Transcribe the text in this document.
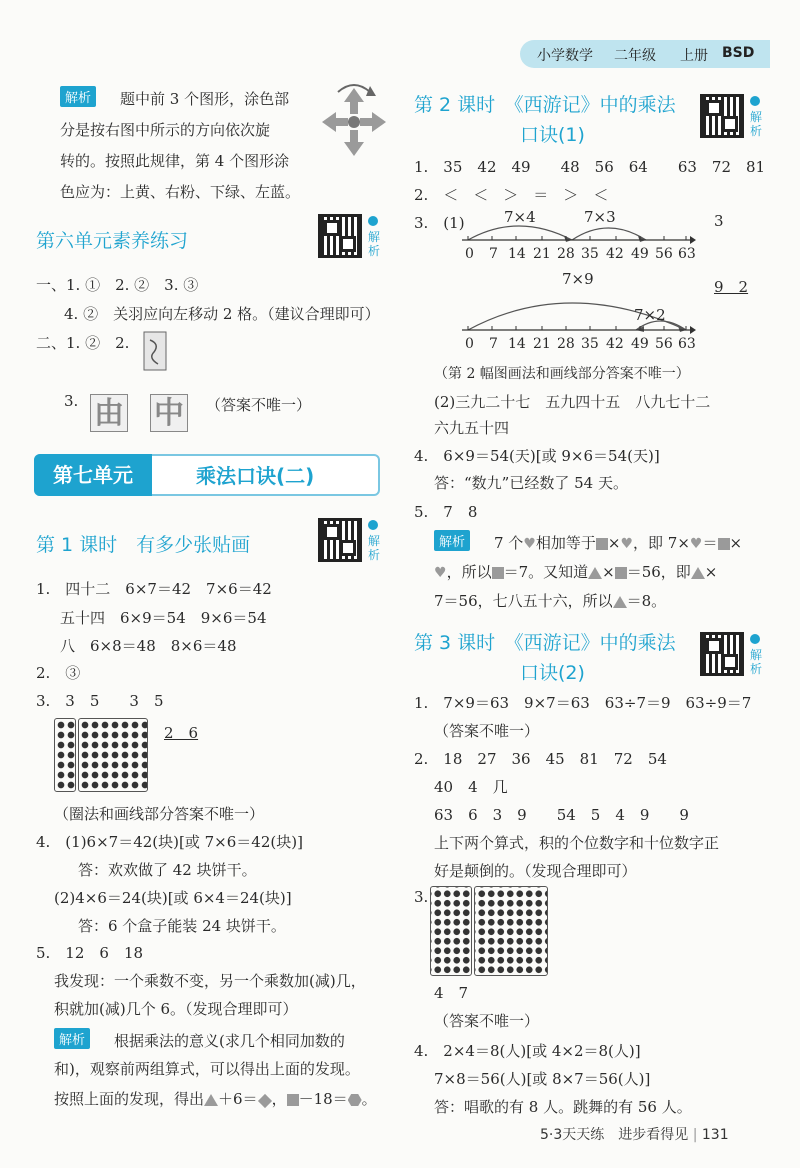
小学数学 二年级 上册 BSD
解析	题中前 3 个图形，涂色部
分是按右图中所示的方向依次旋
转的。按照此规律，第 4 个图形涂
色应为：上黄、右粉、下绿、左蓝。
第六单元素养练习	解析
一、1. ①　2. ②　3. ③
4. ②　关羽应向左移动 2 格。（建议合理即可）
二、1. ②　2.
3. 由 中 （答案不唯一）
第七单元	乘法口诀(二)
第 1 课时　有多少张贴画	解析
1.　四十二　6×7＝42　7×6＝42
五十四　6×9＝54　9×6＝54
八　6×8＝48　8×6＝48
2.　③
3.　3　5　　3　5
2　6
（圈法和画线部分答案不唯一）
4.　(1)6×7＝42(块)[或 7×6＝42(块)]
答：欢欢做了 42 块饼干。
(2)4×6＝24(块)[或 6×4＝24(块)]
答：6 个盒子能装 24 块饼干。
5.　12　6　18
我发现：一个乘数不变，另一个乘数加(减)几，
积就加(减)几个 6。（发现合理即可）
解析	根据乘法的意义(求几个相同加数的
和)，观察前两组算式，可以得出上面的发现。
按照上面的发现，得出 ＋6＝ ， －18＝ 。
第 2 课时　《西游记》中的乘法
口诀(1)
解析
1.　35　42　49　　48　56　64　　63　72　81
2.　＜　＜　＞　＝　＞　＜
3.　(1)	7×4	7×3	3
0 7 14 21 28 35 42 49 56 63
7×9
7×2
9　2
0 7 14 21 28 35 42 49 56 63
（第 2 幅图画法和画线部分答案不唯一）
(2)三九二十七　五九四十五　八九七十二
六九五十四
4.　6×9＝54(天)[或 9×6＝54(天)]
答：“数九”已经数了 54 天。
5.　7　8
解析	7 个♥相加等于 ×♥，即 7×♥＝ ×
♥，所以 ＝7。又知道 × ＝56，即 ×
7＝56，七八五十六，所以 ＝8。
第 3 课时　《西游记》中的乘法
口诀(2)
解析
1.　7×9＝63　9×7＝63　63÷7＝9　63÷9＝7
（答案不唯一）
2.　18　27　36　45　81　72　54
40　4　几
63　6　3　9　　54　5　4　9　　9
上下两个算式，积的个位数字和十位数字正
好是颠倒的。（发现合理即可）
3.
4　7
（答案不唯一）
4.　2×4＝8(人)[或 4×2＝8(人)]
7×8＝56(人)[或 8×7＝56(人)]
答：唱歌的有 8 人。跳舞的有 56 人。
5·3天天练　进步看得见 | 131
